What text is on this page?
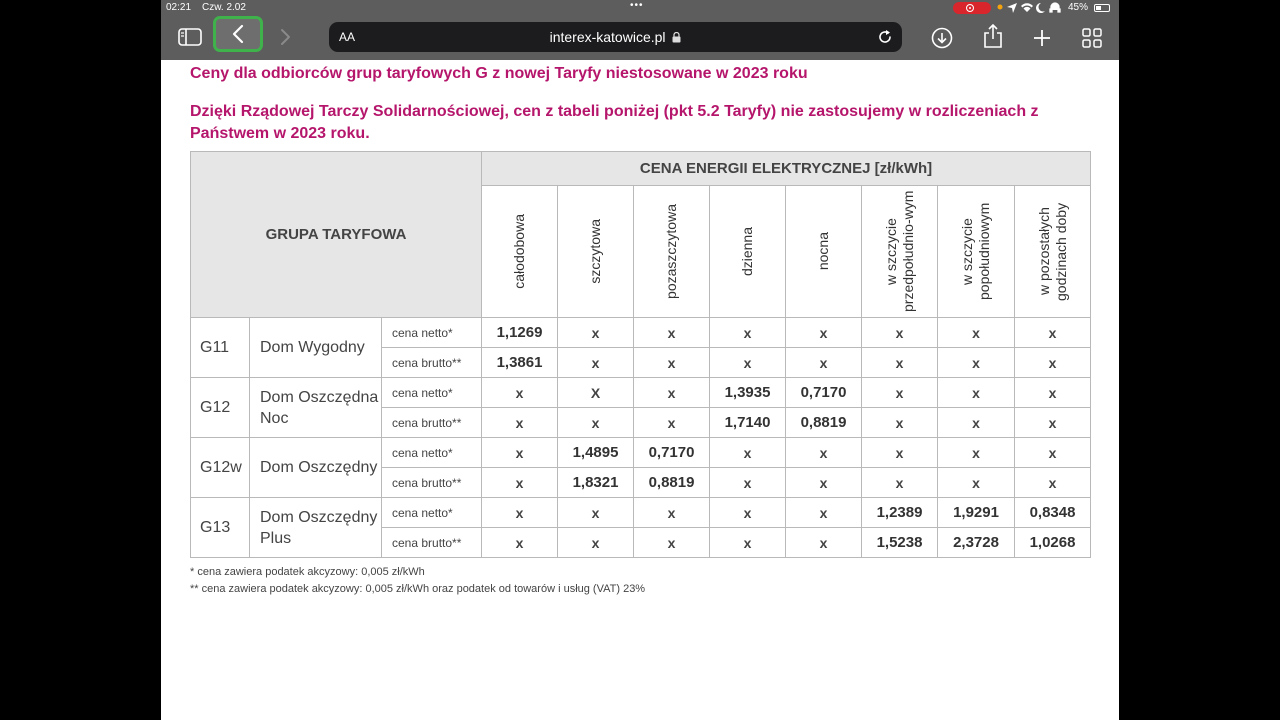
02:21 Czw. 2.02	•••	45%
AA	interex-katowice.pl
Ceny dla odbiorców grup taryfowych G z nowej Taryfy niestosowane w 2023 roku
Dzięki Rządowej Tarczy Solidarnościowej, cen z tabeli poniżej (pkt 5.2 Taryfy) nie zastosujemy w rozliczeniach z Państwem w 2023 roku.
GRUPA TARYFOWA			CENA ENERGII ELEKTRYCZNEJ [zł/kWh]							

			całodobowa	szczytowa	pozaszczytowa	dzienna	nocna	w szczycie przedpołudnio-wym	w szczycie popołudniowym	w pozostałych godzinach doby

G11	Dom Wygodny	cena netto*	1,1269	x	x	x	x	x	x	x
		cena brutto**	1,3861	x	x	x	x	x	x	x
G12	Dom Oszczędna Noc	cena netto*	x	X	x	1,3935	0,7170	x	x	x
		cena brutto**	x	x	x	1,7140	0,8819	x	x	x
G12w	Dom Oszczędny	cena netto*	x	1,4895	0,7170	x	x	x	x	x
		cena brutto**	x	1,8321	0,8819	x	x	x	x	x
G13	Dom Oszczędny Plus	cena netto*	x	x	x	x	x	1,2389	1,9291	0,8348
		cena brutto**	x	x	x	x	x	1,5238	2,3728	1,0268
* cena zawiera podatek akcyzowy: 0,005 zł/kWh
** cena zawiera podatek akcyzowy: 0,005 zł/kWh oraz podatek od towarów i usług (VAT) 23%
